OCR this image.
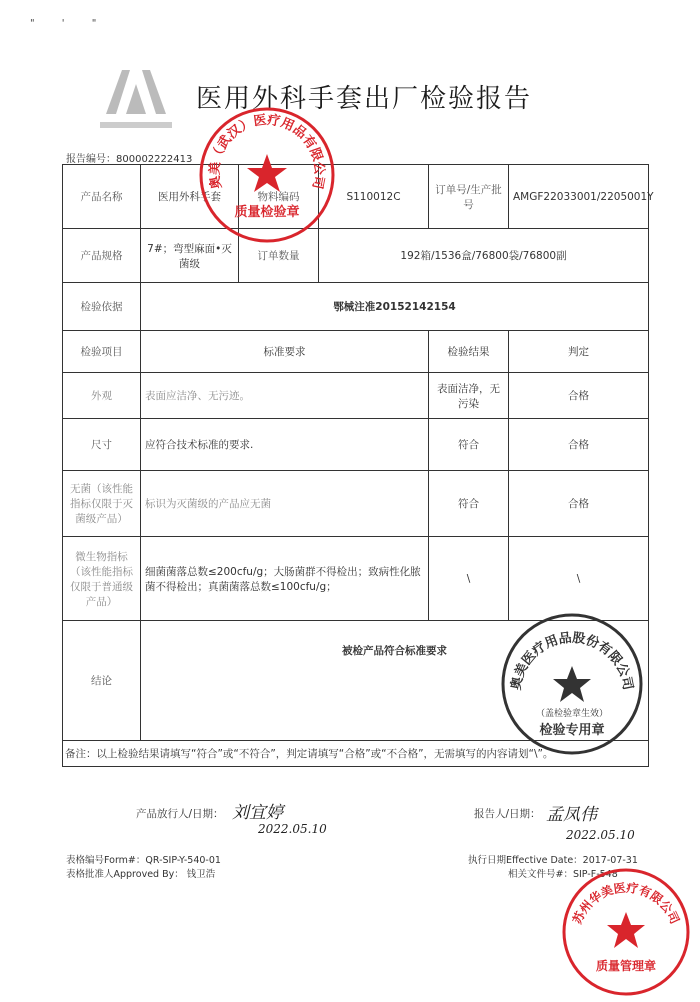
" ' "
医用外科手套出厂检验报告
报告编号：800002222413
产品名称	医用外科手套	物料编码	S110012C	订单号/生产批号	AMGF22033001/2205001Y
产品规格	7#；弯型麻面•灭菌级	订单数量	192箱/1536盒/76800袋/76800副		
检验依据	鄂械注准20152142154				
检验项目	标准要求			检验结果	判定
外观	表面应洁净、无污迹。			表面洁净，无污染	合格
尺寸	应符合技术标准的要求.			符合	合格
无菌（该性能指标仅限于灭菌级产品）	标识为灭菌级的产品应无菌			符合	合格
微生物指标（该性能指标仅限于普通级产品）	细菌菌落总数≤200cfu/g；大肠菌群不得检出；致病性化脓菌不得检出；真菌菌落总数≤100cfu/g；			\	\
结论	被检产品符合标准要求				
备注：以上检验结果请填写“符合”或“不符合”，判定请填写“合格”或“不合格”，无需填写的内容请划“\”。					
产品放行人/日期： 刘宜婷
2022.05.10
报告人/日期： 孟凤伟
2022.05.10
表格编号Form#：QR-SIP-Y-540-01
表格批准人Approved By： 钱卫浩
执行日期Effective Date：2017-07-31
相关文件号#：SIP-F-548
奥美（武汉）医疗用品有限公司
质量检验章
奥美医疗用品股份有限公司
（盖检验章生效）
检验专用章
苏州华美医疗有限公司
质量管理章
